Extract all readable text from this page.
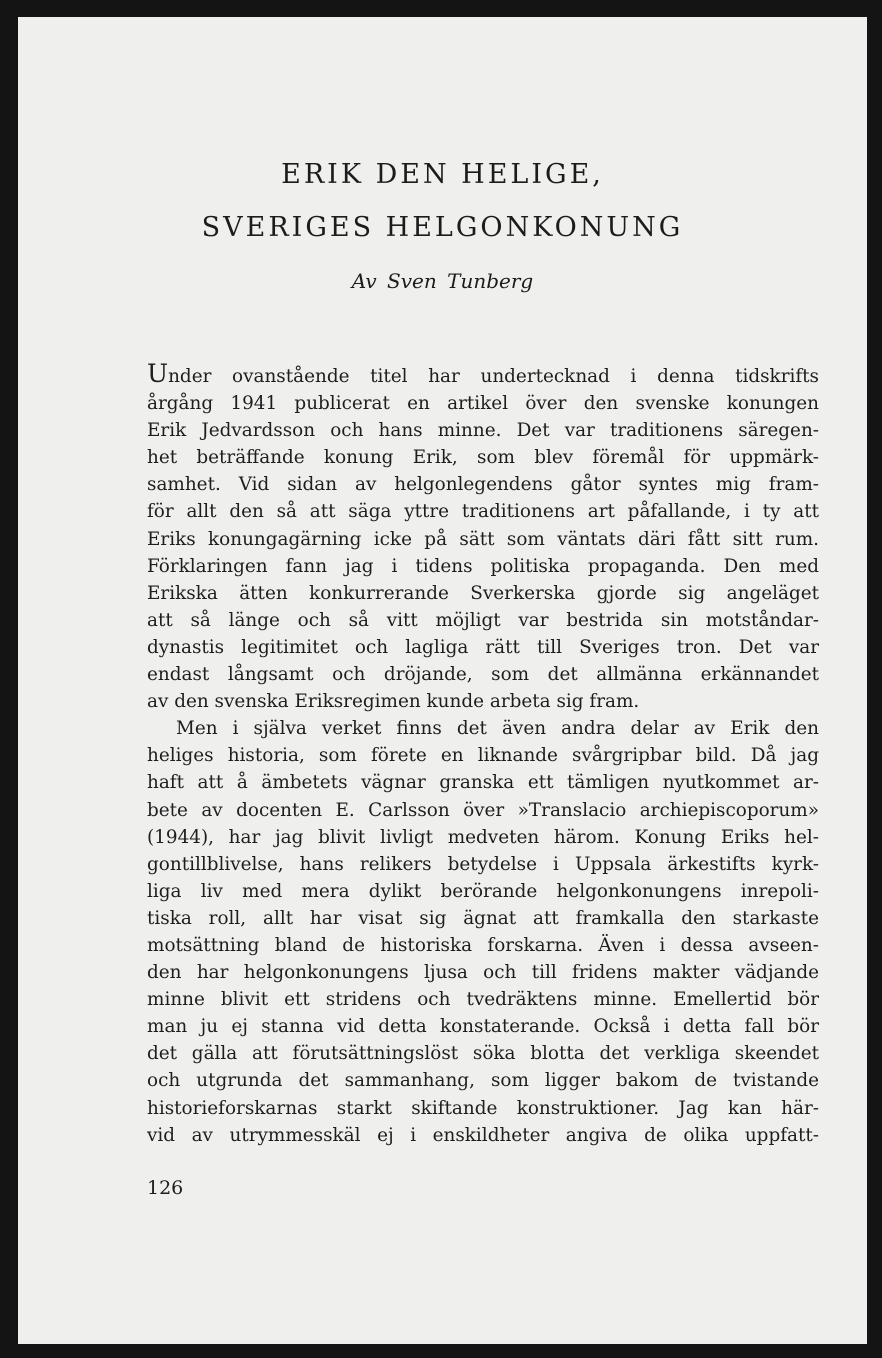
ERIK DEN HELIGE,
SVERIGES HELGONKONUNG
Av Sven Tunberg
Under ovanstående titel har undertecknad i denna tidskrifts
årgång 1941 publicerat en artikel över den svenske konungen
Erik Jedvardsson och hans minne. Det var traditionens säregen-
het beträffande konung Erik, som blev föremål för uppmärk-
samhet. Vid sidan av helgonlegendens gåtor syntes mig fram-
för allt den så att säga yttre traditionens art påfallande, i ty att
Eriks konungagärning icke på sätt som väntats däri fått sitt rum.
Förklaringen fann jag i tidens politiska propaganda. Den med
Erikska ätten konkurrerande Sverkerska gjorde sig angeläget
att så länge och så vitt möjligt var bestrida sin motståndar-
dynastis legitimitet och lagliga rätt till Sveriges tron. Det var
endast långsamt och dröjande, som det allmänna erkännandet
av den svenska Eriksregimen kunde arbeta sig fram.
Men i själva verket finns det även andra delar av Erik den
heliges historia, som förete en liknande svårgripbar bild. Då jag
haft att å ämbetets vägnar granska ett tämligen nyutkommet ar-
bete av docenten E. Carlsson över »Translacio archiepiscoporum»
(1944), har jag blivit livligt medveten härom. Konung Eriks hel-
gontillblivelse, hans relikers betydelse i Uppsala ärkestifts kyrk-
liga liv med mera dylikt berörande helgonkonungens inrepoli-
tiska roll, allt har visat sig ägnat att framkalla den starkaste
motsättning bland de historiska forskarna. Även i dessa avseen-
den har helgonkonungens ljusa och till fridens makter vädjande
minne blivit ett stridens och tvedräktens minne. Emellertid bör
man ju ej stanna vid detta konstaterande. Också i detta fall bör
det gälla att förutsättningslöst söka blotta det verkliga skeendet
och utgrunda det sammanhang, som ligger bakom de tvistande
historieforskarnas starkt skiftande konstruktioner. Jag kan här-
vid av utrymmesskäl ej i enskildheter angiva de olika uppfatt-
126
